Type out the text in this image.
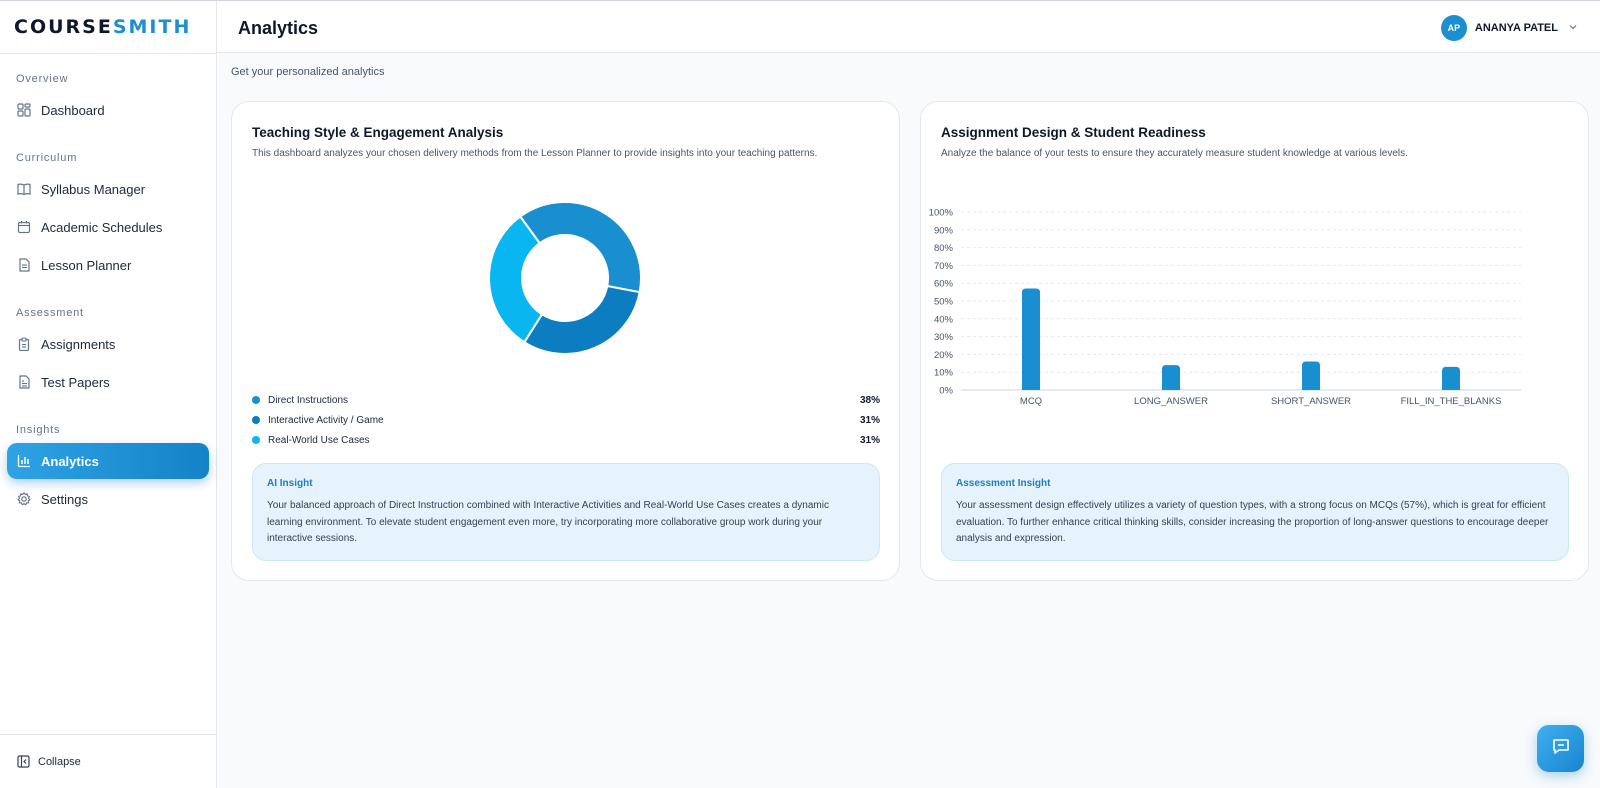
COURSESMITH
Overview
Dashboard
Curriculum
Syllabus Manager
Academic Schedules
Lesson Planner
Assessment
Assignments
Test Papers
Insights
Analytics
Settings
Collapse
Analytics	AP	ANANYA PATEL
Get your personalized analytics
Teaching Style & Engagement Analysis

This dashboard analyzes your chosen delivery methods from the Lesson Planner to provide insights into your teaching patterns.

Direct Instructions	38%
Interactive Activity / Game	31%
Real-World Use Cases	31%
AI Insight
Your balanced approach of Direct Instruction combined with Interactive Activities and Real-World Use Cases creates a dynamic learning environment. To elevate student engagement even more, try incorporating more collaborative group work during your interactive sessions.
Assignment Design & Student Readiness

Analyze the balance of your tests to ensure they accurately measure student knowledge at various levels.

0%
10%
20%
30%
40%
50%
60%
70%
80%
90%
100%
MCQ	LONG_ANSWER	SHORT_ANSWER	FILL_IN_THE_BLANKS
Assessment Insight
Your assessment design effectively utilizes a variety of question types, with a strong focus on MCQs (57%), which is great for efficient evaluation. To further enhance critical thinking skills, consider increasing the proportion of long-answer questions to encourage deeper analysis and expression.
